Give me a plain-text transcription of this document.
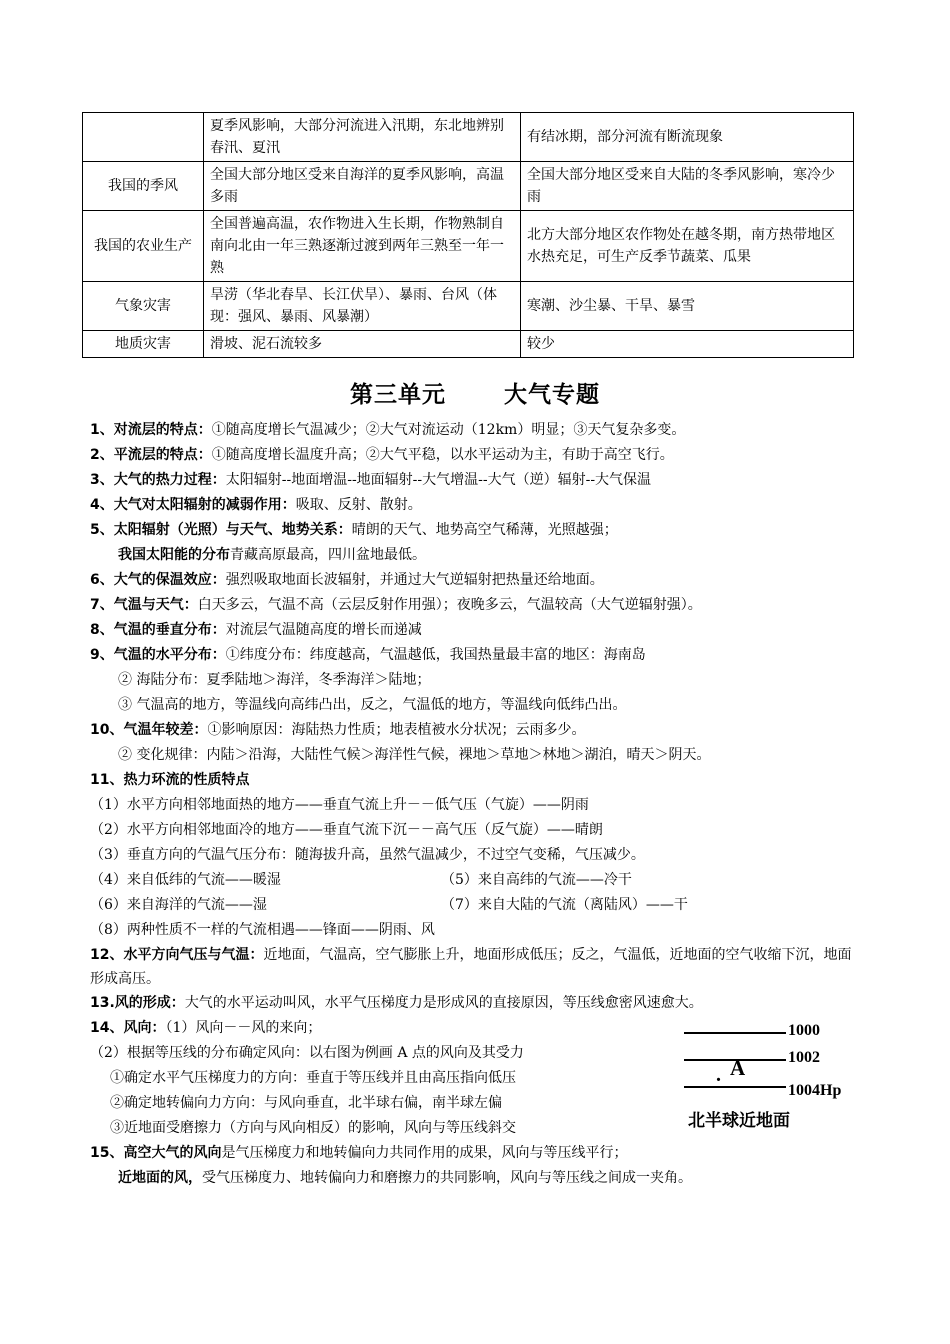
	夏季风影响，大部分河流进入汛期，东北地辨别春汛、夏汛	有结冰期，部分河流有断流现象
我国的季风	全国大部分地区受来自海洋的夏季风影响，高温多雨	全国大部分地区受来自大陆的冬季风影响，寒冷少雨
我国的农业生产	全国普遍高温，农作物进入生长期，作物熟制自南向北由一年三熟逐渐过渡到两年三熟至一年一熟	北方大部分地区农作物处在越冬期，南方热带地区水热充足，可生产反季节蔬菜、瓜果
气象灾害	旱涝（华北春旱、长江伏旱）、暴雨、台风（体现：强风、暴雨、风暴潮）	寒潮、沙尘暴、干旱、暴雪
地质灾害	滑坡、泥石流较多	较少
第三单元	大气专题
1、对流层的特点：①随高度增长气温减少；②大气对流运动（12km）明显；③天气复杂多变。
2、平流层的特点：①随高度增长温度升高；②大气平稳，以水平运动为主，有助于高空飞行。
3、大气的热力过程：太阳辐射--地面增温--地面辐射--大气增温--大气（逆）辐射--大气保温
4、大气对太阳辐射的减弱作用：吸取、反射、散射。
5、太阳辐射（光照）与天气、地势关系：晴朗的天气、地势高空气稀薄，光照越强；
我国太阳能的分布青藏高原最高，四川盆地最低。
6、大气的保温效应：强烈吸取地面长波辐射，并通过大气逆辐射把热量还给地面。
7、气温与天气：白天多云，气温不高（云层反射作用强）；夜晚多云，气温较高（大气逆辐射强）。
8、气温的垂直分布：对流层气温随高度的增长而递减
9、气温的水平分布：①纬度分布：纬度越高，气温越低，我国热量最丰富的地区：海南岛
② 海陆分布：夏季陆地＞海洋，冬季海洋＞陆地；
③ 气温高的地方，等温线向高纬凸出，反之，气温低的地方，等温线向低纬凸出。
10、气温年较差：①影响原因：海陆热力性质；地表植被水分状况；云雨多少。
② 变化规律：内陆＞沿海，大陆性气候＞海洋性气候，裸地＞草地＞林地＞湖泊，晴天＞阴天。
11、热力环流的性质特点
（1）水平方向相邻地面热的地方——垂直气流上升－－低气压（气旋）——阴雨
（2）水平方向相邻地面冷的地方——垂直气流下沉－－高气压（反气旋）——晴朗
（3）垂直方向的气温气压分布：随海拔升高，虽然气温减少，不过空气变稀，气压减少。
（4）来自低纬的气流——暖湿	（5）来自高纬的气流——冷干
（6）来自海洋的气流——湿	（7）来自大陆的气流（离陆风）——干
（8）两种性质不一样的气流相遇——锋面——阴雨、风
12、水平方向气压与气温：近地面，气温高，空气膨胀上升，地面形成低压；反之，气温低，近地面的空气收缩下沉，地面形成高压。
13.风的形成：大气的水平运动叫风，水平气压梯度力是形成风的直接原因，等压线愈密风速愈大。
14、风向：（1）风向－－风的来向；
（2）根据等压线的分布确定风向：以右图为例画 A 点的风向及其受力
①确定水平气压梯度力的方向：垂直于等压线并且由高压指向低压
②确定地转偏向力方向：与风向垂直，北半球右偏，南半球左偏
③近地面受磨擦力（方向与风向相反）的影响，风向与等压线斜交
15、高空大气的风向是气压梯度力和地转偏向力共同作用的成果，风向与等压线平行；
近地面的风，受气压梯度力、地转偏向力和磨擦力的共同影响，风向与等压线之间成一夹角。
1000
1002
. A
1004Hp
北半球近地面
